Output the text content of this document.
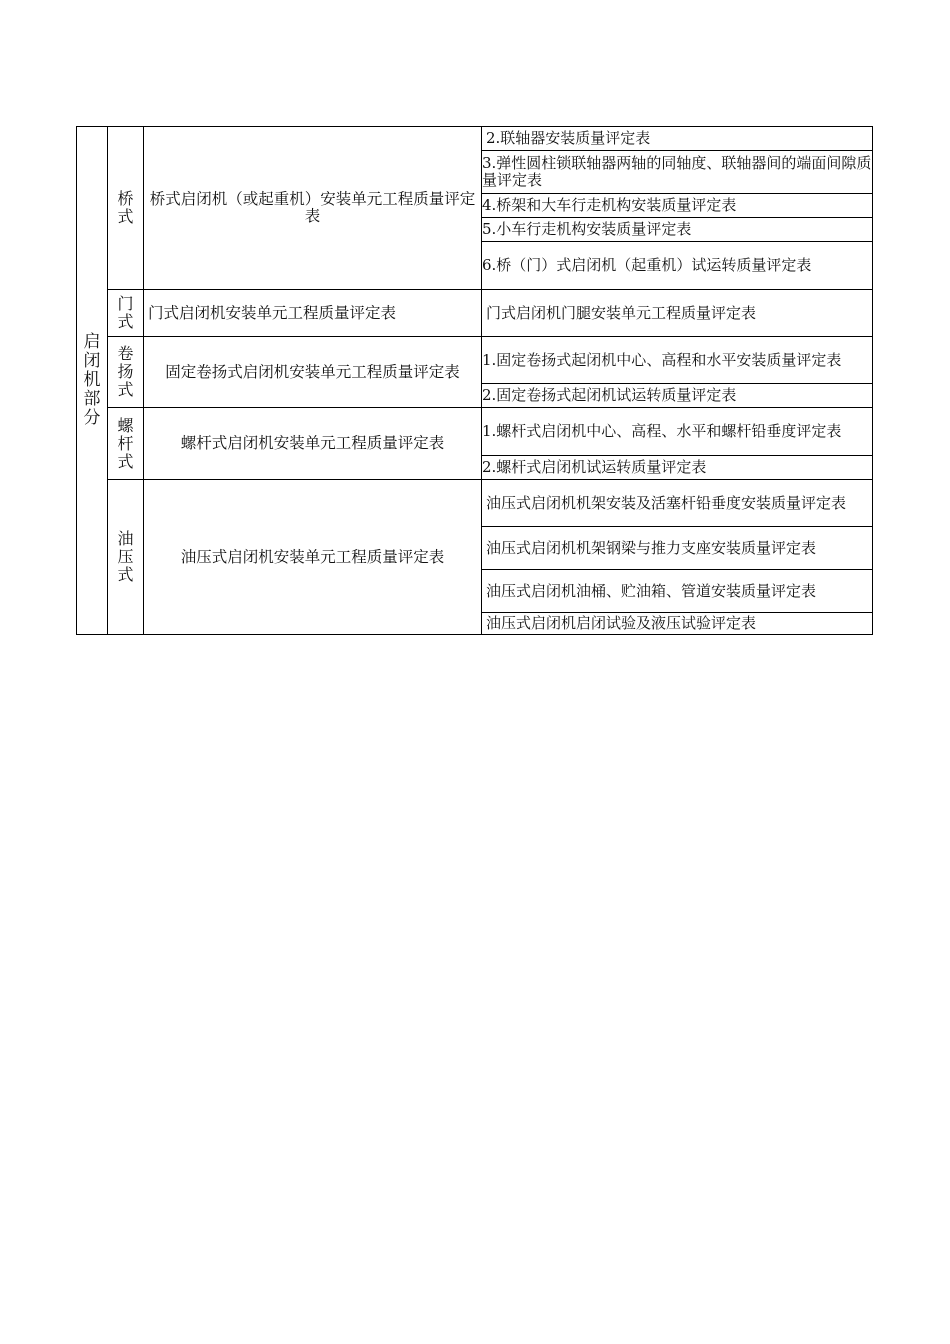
启闭机部分	桥式	桥式启闭机（或起重机）安装单元工程质量评定表	2.联轴器安装质量评定表
			3.弹性圆柱锁联轴器两轴的同轴度、联轴器间的端面间隙质量评定表
			4.桥架和大车行走机构安装质量评定表
			5.小车行走机构安装质量评定表
			6.桥（门）式启闭机（起重机）试运转质量评定表

	门式	门式启闭机安装单元工程质量评定表	门式启闭机门腿安装单元工程质量评定表

	卷扬式	固定卷扬式启闭机安装单元工程质量评定表	1.固定卷扬式起闭机中心、高程和水平安装质量评定表
			2.固定卷扬式起闭机试运转质量评定表

	螺杆式	螺杆式启闭机安装单元工程质量评定表	1.螺杆式启闭机中心、高程、水平和螺杆铅垂度评定表
			2.螺杆式启闭机试运转质量评定表

	油压式	油压式启闭机安装单元工程质量评定表	油压式启闭机机架安装及活塞杆铅垂度安装质量评定表
			油压式启闭机机架钢梁与推力支座安装质量评定表
			油压式启闭机油桶、贮油箱、管道安装质量评定表
			油压式启闭机启闭试验及液压试验评定表
